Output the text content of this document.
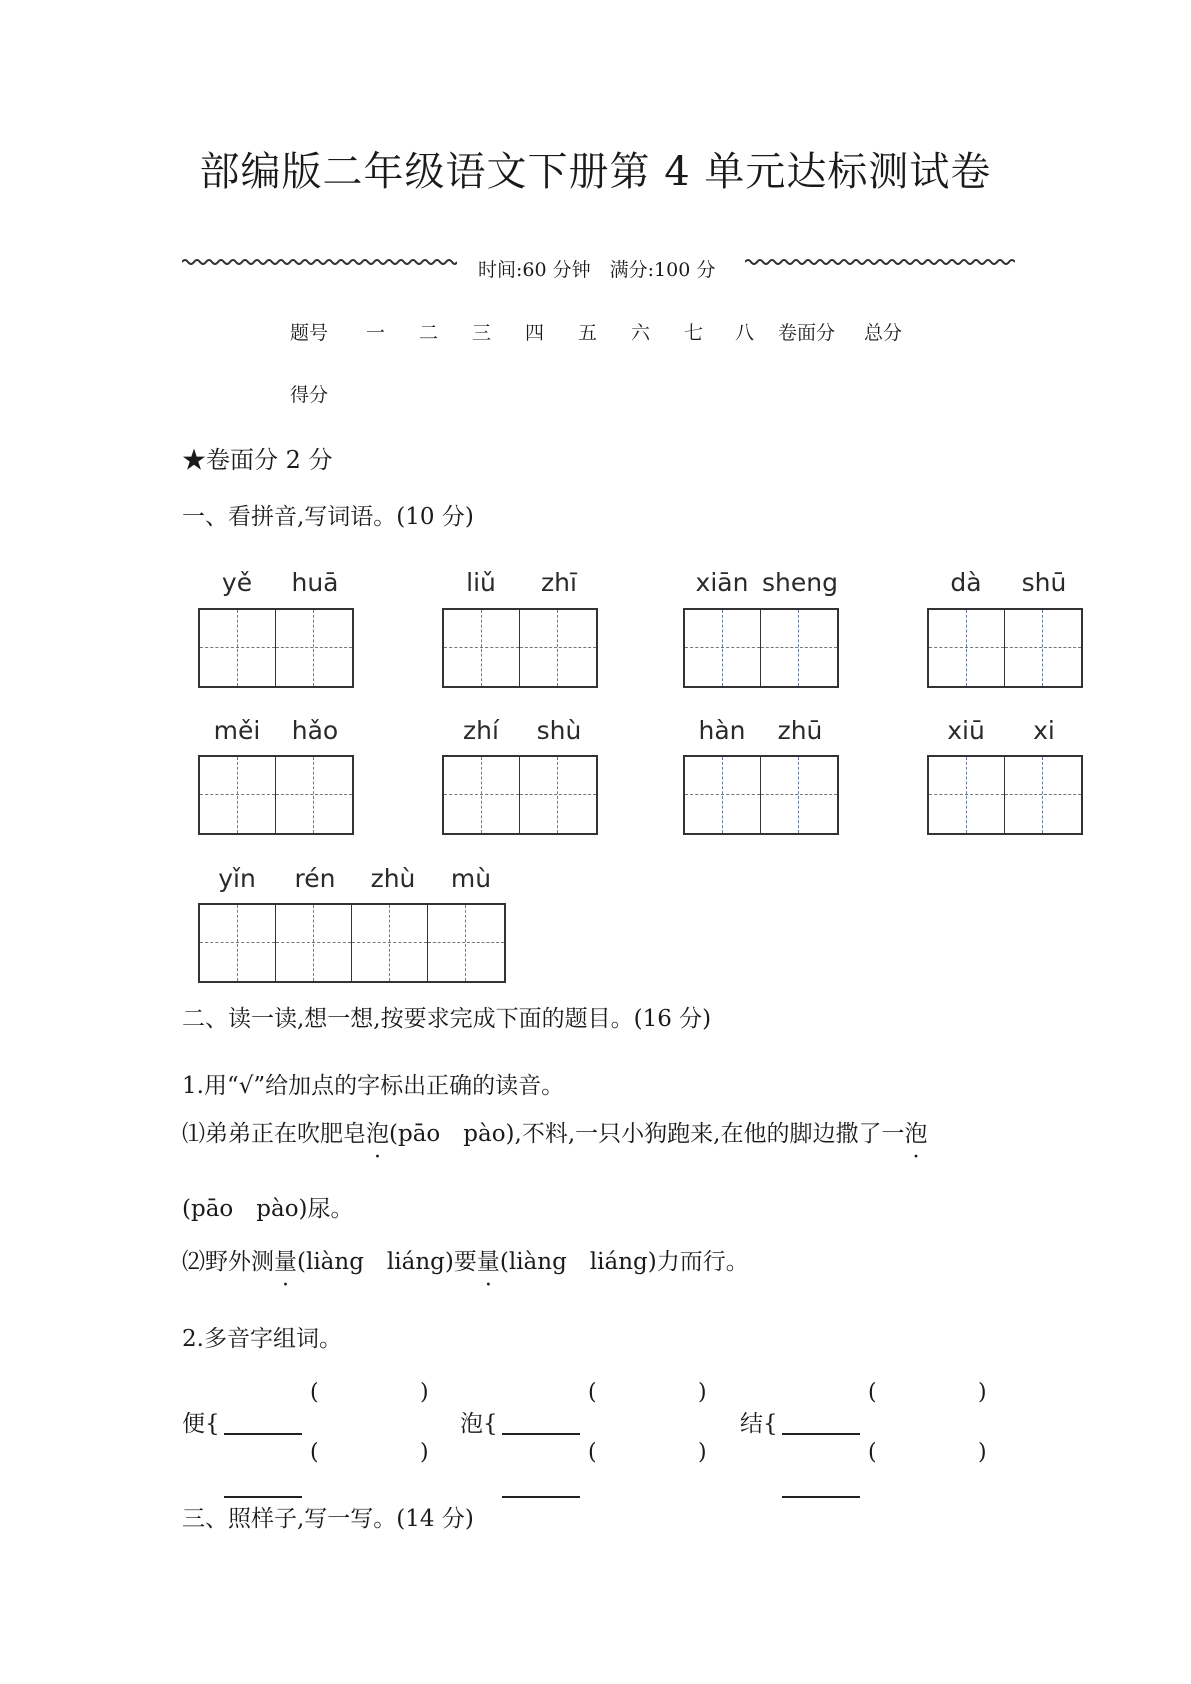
部编版二年级语文下册第 4 单元达标测试卷
时间:60 分钟　满分:100 分
题号 一 二 三 四 五 六 七 八 卷面分 总分
得分
★卷面分 2 分
一、看拼音,写词语。(10 分)
yě	huā	liǔ	zhī	xiān sheng	dà	shū
měi	hǎo	zhí	shù	hàn	zhū	xiū	xi
yǐn	rén	zhù	mù
二、读一读,想一想,按要求完成下面的题目。(16 分)
1.用“√”给加点的字标出正确的读音。
⑴弟弟正在吹肥皂泡(pāo　pào),不料,一只小狗跑来,在他的脚边撒了一泡
(pāo　pào)尿。
⑵野外测量(liàng　liáng)要量(liàng　liáng)力而行。
2.多音字组词。
便{
(	)
(	)
泡{
(	)
(	)
结{
(	)
(	)
三、照样子,写一写。(14 分)
